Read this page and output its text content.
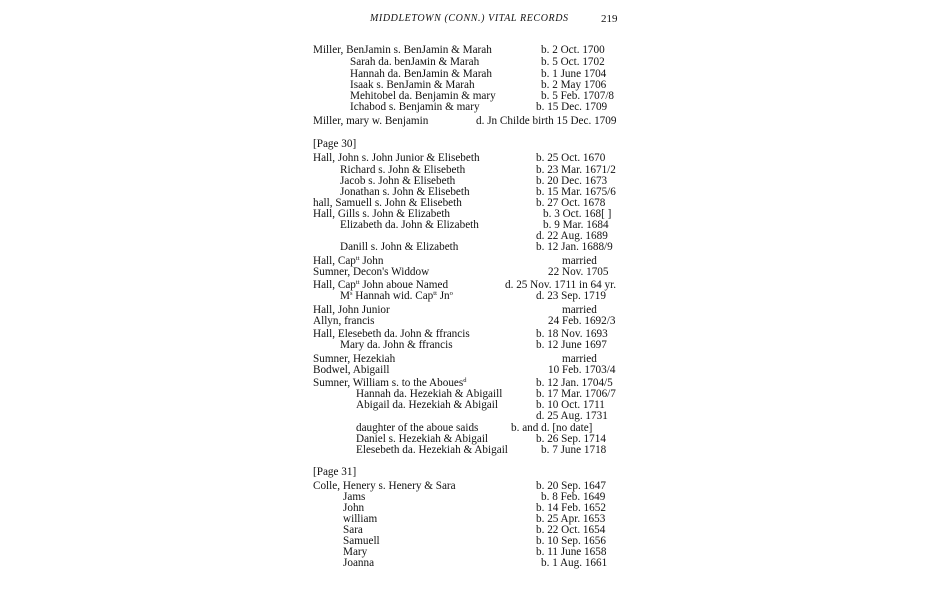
MIDDLETOWN (CONN.) VITAL RECORDS	219
Miller, BenJamin s. BenJamin & Marah	b. 2 Oct. 1700
Sarah da. benJaмin & Marah	b. 5 Oct. 1702
Hannah da. BenJamin & Marah	b. 1 June 1704
Isaak s. BenJamin & Marah	b. 2 May 1706
Mehitobel da. Benjamin & mary	b. 5 Feb. 1707/8
Ichabod s. Benjamin & mary	b. 15 Dec. 1709
Miller, mary w. Benjamin	d. Jn Childe birth 15 Dec. 1709
[Page 30]
Hall, John s. John Junior & Elisebeth	b. 25 Oct. 1670
Richard s. John & Elisebeth	b. 23 Mar. 1671/2
Jacob s. John & Elisebeth	b. 20 Dec. 1673
Jonathan s. John & Elisebeth	b. 15 Mar. 1675/6
hall, Samuell s. John & Elisebeth	b. 27 Oct. 1678
Hall, Gills s. John & Elizabeth	b. 3 Oct. 168[ ]
Elizabeth da. John & Elizabeth	b. 9 Mar. 1684
d. 22 Aug. 1689
Danill s. John & Elizabeth	b. 12 Jan. 1688/9
Hall, Cap$^{tt}$ John	married
Sumner, Decon's Widdow	22 Nov. 1705
Hall, Cap$^{tt}$ John aboue Named	d. 25 Nov. 1711 in 64 yr.
$M^s$ Hannah wid. Cap$^{tt}$ Jn$^o$	d. 23 Sep. 1719
Hall, John Junior	married
Allyn, francis	24 Feb. 1692/3
Hall, Elesebeth da. John & ffrancis	b. 18 Nov. 1693
Mary da. John & ffrancis	b. 12 June 1697
Sumner, Hezekiah	married
Bodwel, Abigaill	10 Feb. 1703/4
Sumner, William s. to the Aboues$^d$	b. 12 Jan. 1704/5
Hannah da. Hezekiah & Abigaill	b. 17 Mar. 1706/7
Abigail da. Hezekiah & Abigail	b. 10 Oct. 1711
d. 25 Aug. 1731
daughter of the aboue saids	b. and d. [no date]
Daniel s. Hezekiah & Abigail	b. 26 Sep. 1714
Elesebeth da. Hezekiah & Abigail	b. 7 June 1718
[Page 31]
Colle, Henery s. Henery & Sara	b. 20 Sep. 1647
Jams	b. 8 Feb. 1649
John	b. 14 Feb. 1652
william	b. 25 Apr. 1653
Sara	b. 22 Oct. 1654
Samuell	b. 10 Sep. 1656
Mary	b. 11 June 1658
Joanna	b. 1 Aug. 1661
